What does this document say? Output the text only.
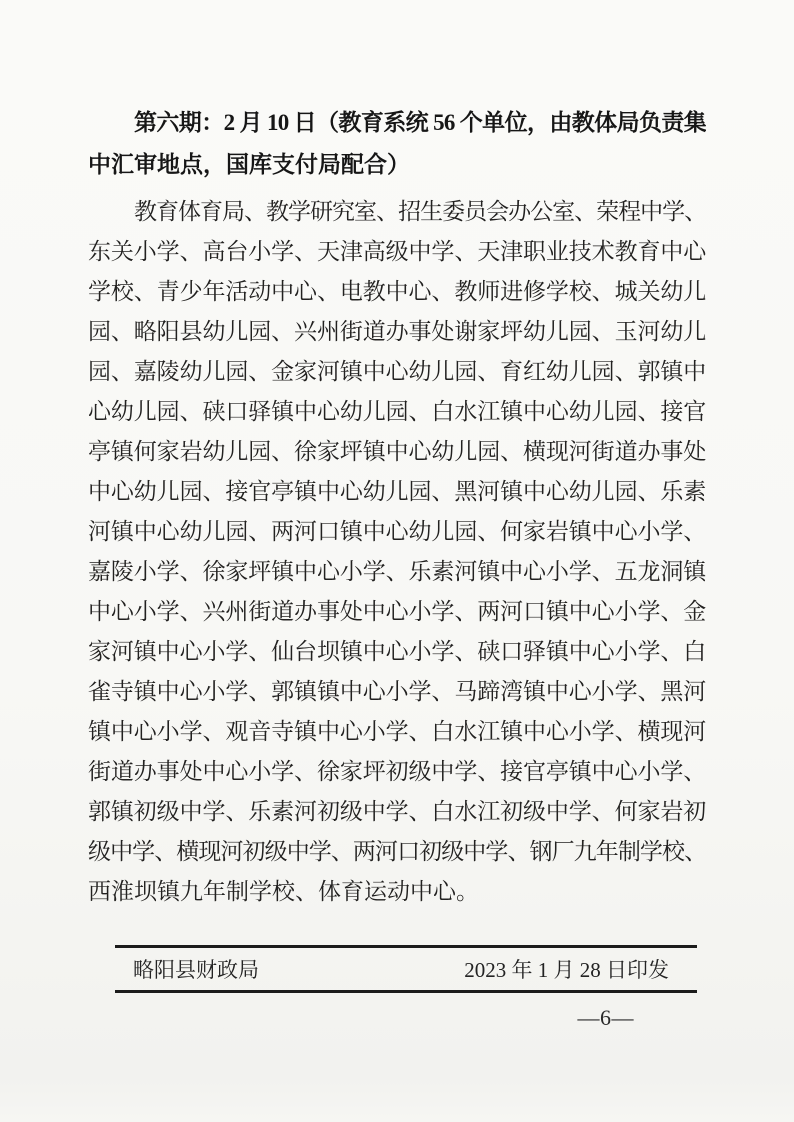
第六期：2 月 10 日（教育系统 56 个单位，由教体局负责集
中汇审地点，国库支付局配合）
教育体育局、教学研究室、招生委员会办公室、荣程中学、
东关小学、高台小学、天津高级中学、天津职业技术教育中心
学校、青少年活动中心、电教中心、教师进修学校、城关幼儿
园、略阳县幼儿园、兴州街道办事处谢家坪幼儿园、玉河幼儿
园、嘉陵幼儿园、金家河镇中心幼儿园、育红幼儿园、郭镇中
心幼儿园、硖口驿镇中心幼儿园、白水江镇中心幼儿园、接官
亭镇何家岩幼儿园、徐家坪镇中心幼儿园、横现河街道办事处
中心幼儿园、接官亭镇中心幼儿园、黑河镇中心幼儿园、乐素
河镇中心幼儿园、两河口镇中心幼儿园、何家岩镇中心小学、
嘉陵小学、徐家坪镇中心小学、乐素河镇中心小学、五龙洞镇
中心小学、兴州街道办事处中心小学、两河口镇中心小学、金
家河镇中心小学、仙台坝镇中心小学、硖口驿镇中心小学、白
雀寺镇中心小学、郭镇镇中心小学、马蹄湾镇中心小学、黑河
镇中心小学、观音寺镇中心小学、白水江镇中心小学、横现河
街道办事处中心小学、徐家坪初级中学、接官亭镇中心小学、
郭镇初级中学、乐素河初级中学、白水江初级中学、何家岩初
级中学、横现河初级中学、两河口初级中学、钢厂九年制学校、
西淮坝镇九年制学校、体育运动中心。
略阳县财政局	2023 年 1 月 28 日印发
—6—
